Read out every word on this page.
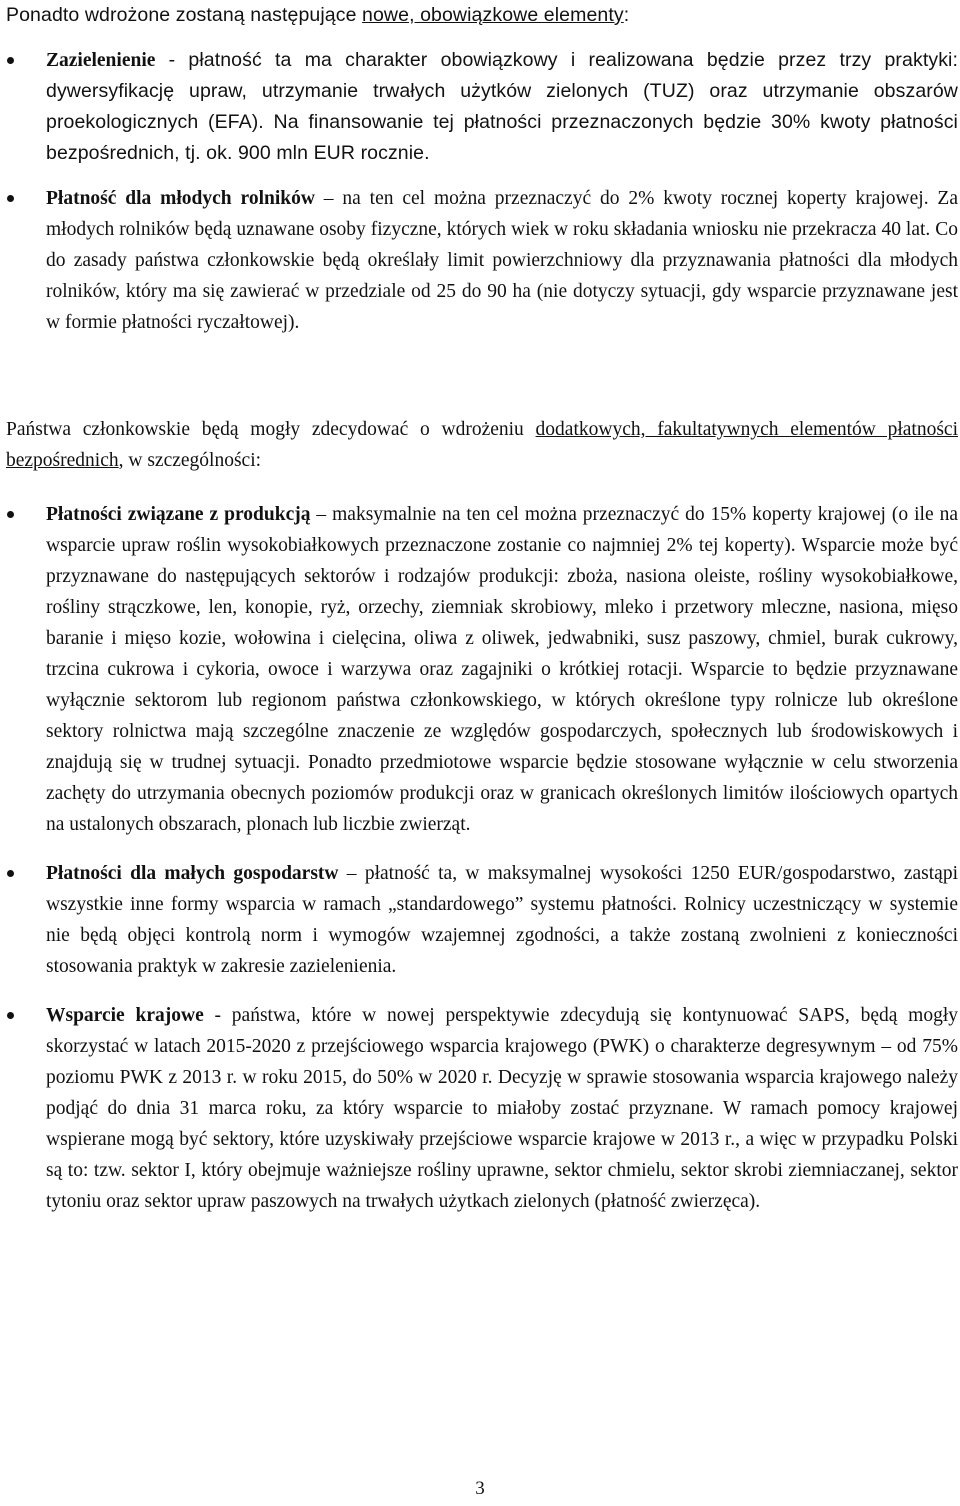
Ponadto wdrożone zostaną następujące nowe, obowiązkowe elementy:

Zazielenienie - płatność ta ma charakter obowiązkowy i realizowana będzie przez trzy praktyki: dywersyfikację upraw, utrzymanie trwałych użytków zielonych (TUZ) oraz utrzymanie obszarów proekologicznych (EFA). Na finansowanie tej płatności przeznaczonych będzie 30% kwoty płatności bezpośrednich, tj. ok. 900 mln EUR rocznie.
Płatność dla młodych rolników – na ten cel można przeznaczyć do 2% kwoty rocznej koperty krajowej. Za młodych rolników będą uznawane osoby fizyczne, których wiek w roku składania wniosku nie przekracza 40 lat. Co do zasady państwa członkowskie będą określały limit powierzchniowy dla przyznawania płatności dla młodych rolników, który ma się zawierać w przedziale od 25 do 90 ha (nie dotyczy sytuacji, gdy wsparcie przyznawane jest w formie płatności ryczałtowej).

Państwa członkowskie będą mogły zdecydować o wdrożeniu dodatkowych, fakultatywnych elementów płatności bezpośrednich, w szczególności:

Płatności związane z produkcją – maksymalnie na ten cel można przeznaczyć do 15% koperty krajowej (o ile na wsparcie upraw roślin wysokobiałkowych przeznaczone zostanie co najmniej 2% tej koperty). Wsparcie może być przyznawane do następujących sektorów i rodzajów produkcji: zboża, nasiona oleiste, rośliny wysokobiałkowe, rośliny strączkowe, len, konopie, ryż, orzechy, ziemniak skrobiowy, mleko i przetwory mleczne, nasiona, mięso baranie i mięso kozie, wołowina i cielęcina, oliwa z oliwek, jedwabniki, susz paszowy, chmiel, burak cukrowy, trzcina cukrowa i cykoria, owoce i warzywa oraz zagajniki o krótkiej rotacji. Wsparcie to będzie przyznawane wyłącznie sektorom lub regionom państwa członkowskiego, w których określone typy rolnicze lub określone sektory rolnictwa mają szczególne znaczenie ze względów gospodarczych, społecznych lub środowiskowych i znajdują się w trudnej sytuacji. Ponadto przedmiotowe wsparcie będzie stosowane wyłącznie w celu stworzenia zachęty do utrzymania obecnych poziomów produkcji oraz w granicach określonych limitów ilościowych opartych na ustalonych obszarach, plonach lub liczbie zwierząt.
Płatności dla małych gospodarstw – płatność ta, w maksymalnej wysokości 1250 EUR/gospodarstwo, zastąpi wszystkie inne formy wsparcia w ramach „standardowego” systemu płatności. Rolnicy uczestniczący w systemie nie będą objęci kontrolą norm i wymogów wzajemnej zgodności, a także zostaną zwolnieni z konieczności stosowania praktyk w zakresie zazielenienia.
Wsparcie krajowe - państwa, które w nowej perspektywie zdecydują się kontynuować SAPS, będą mogły skorzystać w latach 2015-2020 z przejściowego wsparcia krajowego (PWK) o charakterze degresywnym – od 75% poziomu PWK z 2013 r. w roku 2015, do 50% w 2020 r. Decyzję w sprawie stosowania wsparcia krajowego należy podjąć do dnia 31 marca roku, za który wsparcie to miałoby zostać przyznane. W ramach pomocy krajowej wspierane mogą być sektory, które uzyskiwały przejściowe wsparcie krajowe w 2013 r., a więc w przypadku Polski są to: tzw. sektor I, który obejmuje ważniejsze rośliny uprawne, sektor chmielu, sektor skrobi ziemniaczanej, sektor tytoniu oraz sektor upraw paszowych na trwałych użytkach zielonych (płatność zwierzęca).
3
